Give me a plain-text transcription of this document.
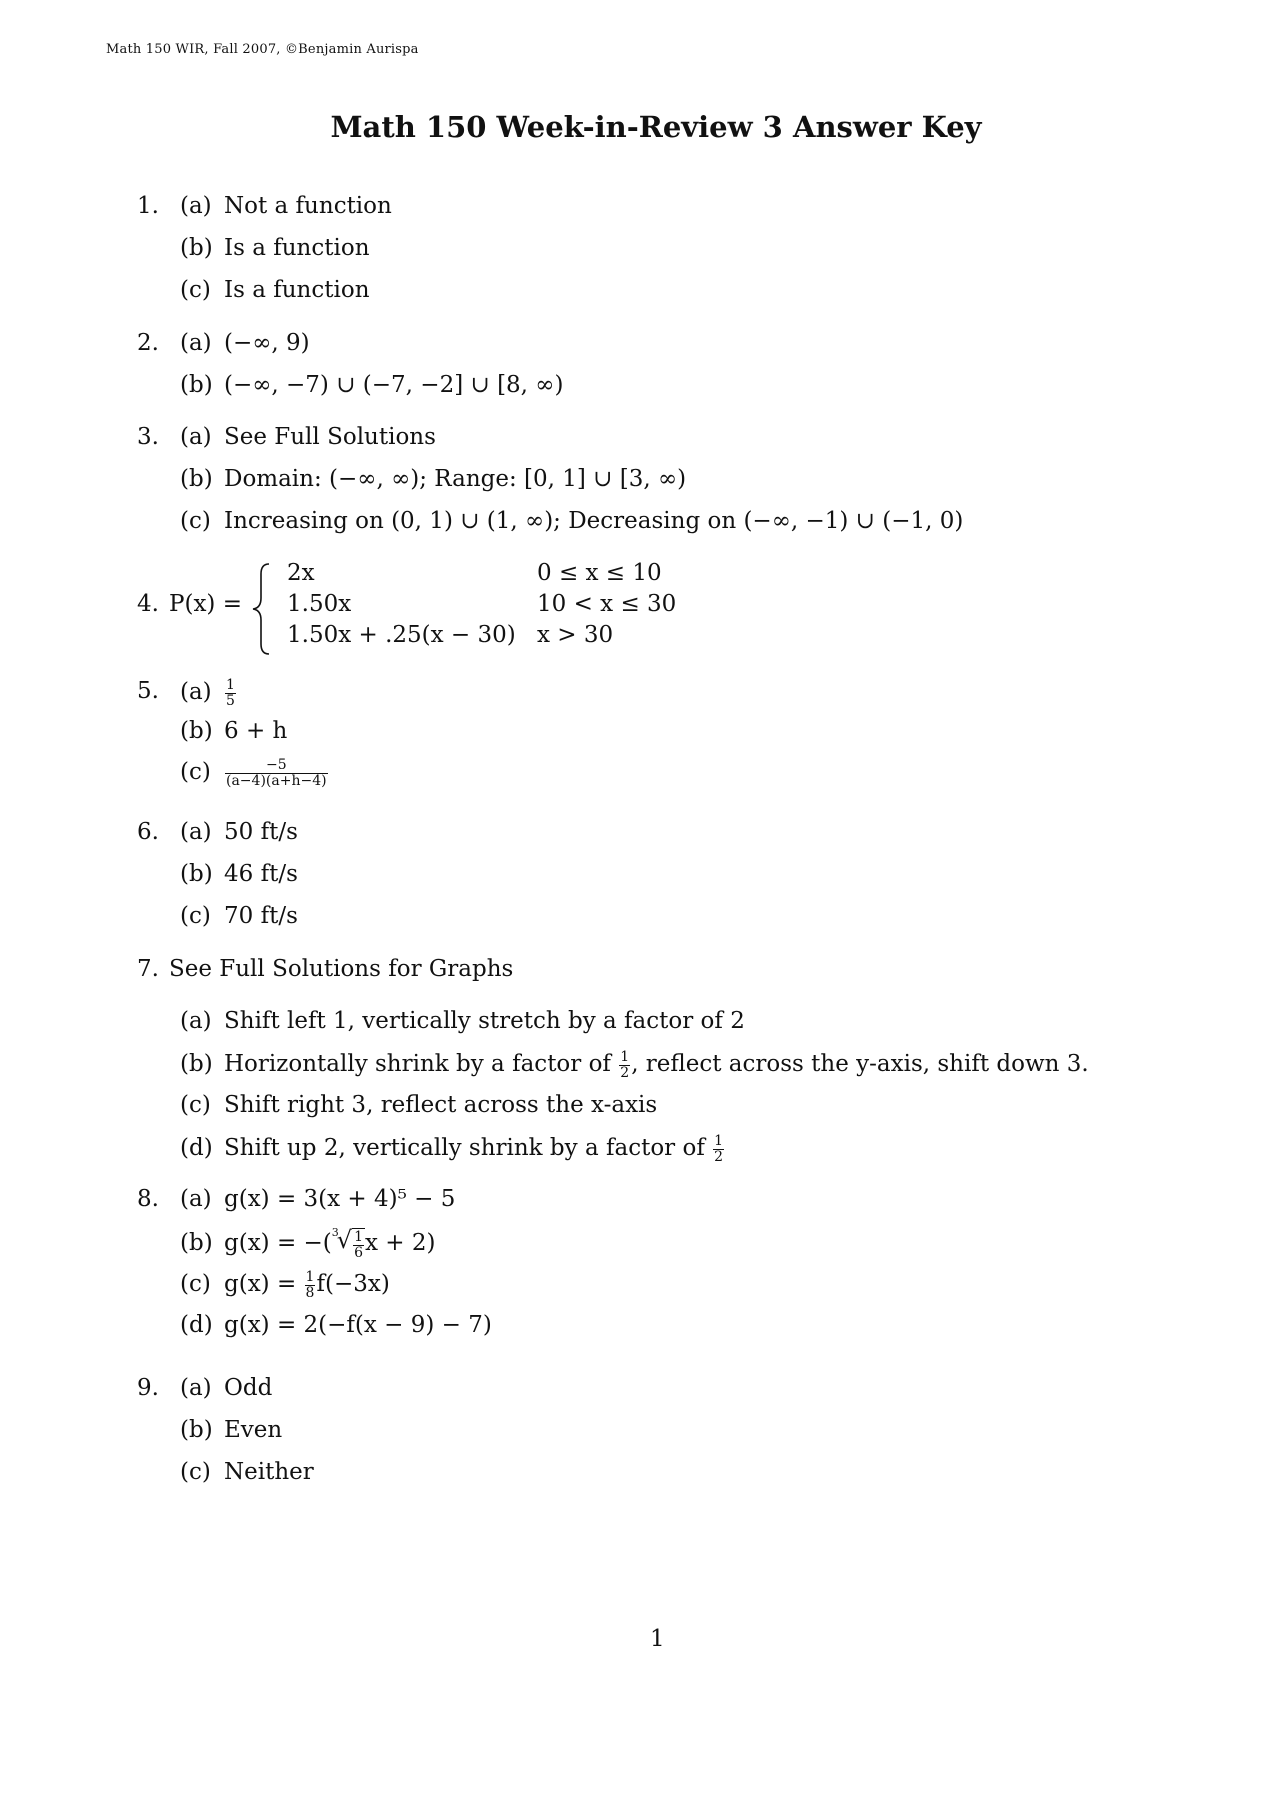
Math 150 WIR, Fall 2007, ©Benjamin Aurispa
Math 150 Week-in-Review 3 Answer Key
1. (a) Not a function
(b) Is a function
(c) Is a function
2. (a) (−∞, 9)
(b) (−∞, −7) ∪ (−7, −2] ∪ [8, ∞)
3. (a) See Full Solutions
(b) Domain: (−∞, ∞); Range: [0, 1] ∪ [3, ∞)
(c) Increasing on (0, 1) ∪ (1, ∞); Decreasing on (−∞, −1) ∪ (−1, 0)
4. P(x) =
2x	0 ≤ x ≤ 10
1.50x	10 < x ≤ 30
1.50x + .25(x − 30) x > 30
5. $(a) \frac{1}{5}$
(b) 6 + h
$(c) \frac{-5}{(a-4)(a+h-4)}$
6. (a) 50 ft/s
(b) 46 ft/s
(c) 70 ft/s
7. See Full Solutions for Graphs
(a) Shift left 1, vertically stretch by a factor of 2
(b) Horizontally shrink by a factor of $\frac{1}{2}$ , reflect across the y-axis, shift down 3.
(c) Shift right 3, reflect across the x-axis
(d) Shift up 2, vertically shrink by a factor of $\frac{1}{2}$
8. (a) g(x) = 3(x + 4)⁵ − 5
(b) g(x) = −( 3
√ $\frac{1}{6}$ x + 2)
(c) $g(x) = \frac{1}{8} f(-3x)$
(d) g(x) = 2(−f(x − 9) − 7)
9. (a) Odd
(b) Even
(c) Neither
1
